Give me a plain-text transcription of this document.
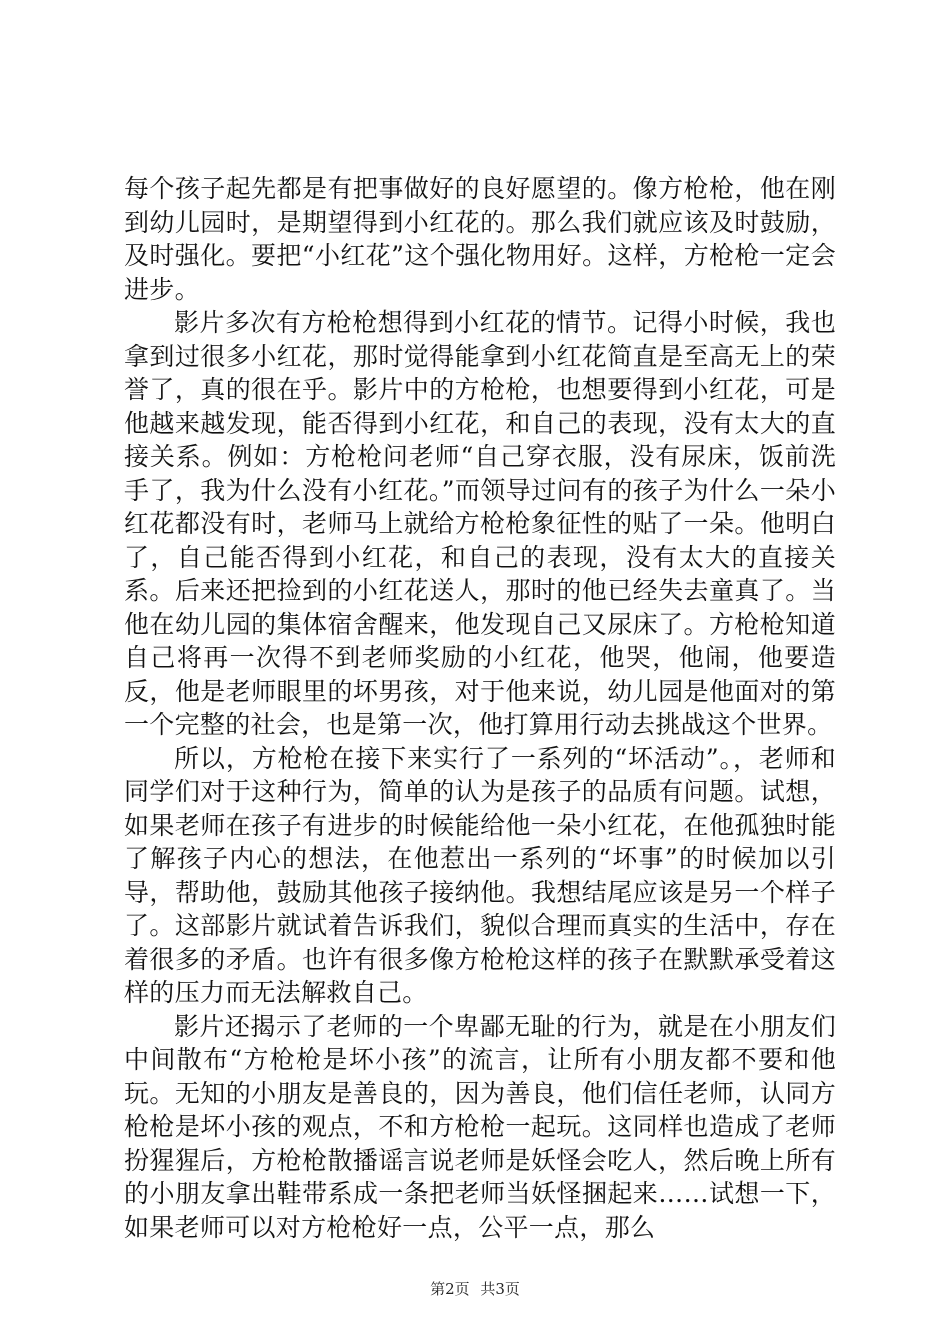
每个孩子起先都是有把事做好的良好愿望的。像方枪枪，他在刚到幼儿园时，是期望得到小红花的。那么我们就应该及时鼓励，及时强化。要把“小红花”这个强化物用好。这样，方枪枪一定会进步。

影片多次有方枪枪想得到小红花的情节。记得小时候，我也拿到过很多小红花，那时觉得能拿到小红花简直是至高无上的荣誉了，真的很在乎。影片中的方枪枪，也想要得到小红花，可是他越来越发现，能否得到小红花，和自己的表现，没有太大的直接关系。例如：方枪枪问老师“自己穿衣服，没有尿床，饭前洗手了，我为什么没有小红花。”而领导过问有的孩子为什么一朵小红花都没有时，老师马上就给方枪枪象征性的贴了一朵。他明白了，自己能否得到小红花，和自己的表现，没有太大的直接关系。后来还把捡到的小红花送人，那时的他已经失去童真了。当他在幼儿园的集体宿舍醒来，他发现自己又尿床了。方枪枪知道自己将再一次得不到老师奖励的小红花，他哭，他闹，他要造反，他是老师眼里的坏男孩，对于他来说，幼儿园是他面对的第一个完整的社会，也是第一次，他打算用行动去挑战这个世界。

所以，方枪枪在接下来实行了一系列的“坏活动”。，老师和同学们对于这种行为，简单的认为是孩子的品质有问题。试想，如果老师在孩子有进步的时候能给他一朵小红花，在他孤独时能了解孩子内心的想法，在他惹出一系列的“坏事”的时候加以引导，帮助他，鼓励其他孩子接纳他。我想结尾应该是另一个样子了。这部影片就试着告诉我们，貌似合理而真实的生活中，存在着很多的矛盾。也许有很多像方枪枪这样的孩子在默默承受着这样的压力而无法解救自己。

影片还揭示了老师的一个卑鄙无耻的行为，就是在小朋友们中间散布“方枪枪是坏小孩”的流言，让所有小朋友都不要和他玩。无知的小朋友是善良的，因为善良，他们信任老师，认同方枪枪是坏小孩的观点，不和方枪枪一起玩。这同样也造成了老师扮猩猩后，方枪枪散播谣言说老师是妖怪会吃人，然后晚上所有的小朋友拿出鞋带系成一条把老师当妖怪捆起来……试想一下，如果老师可以对方枪枪好一点，公平一点，那么

第2页 共3页
